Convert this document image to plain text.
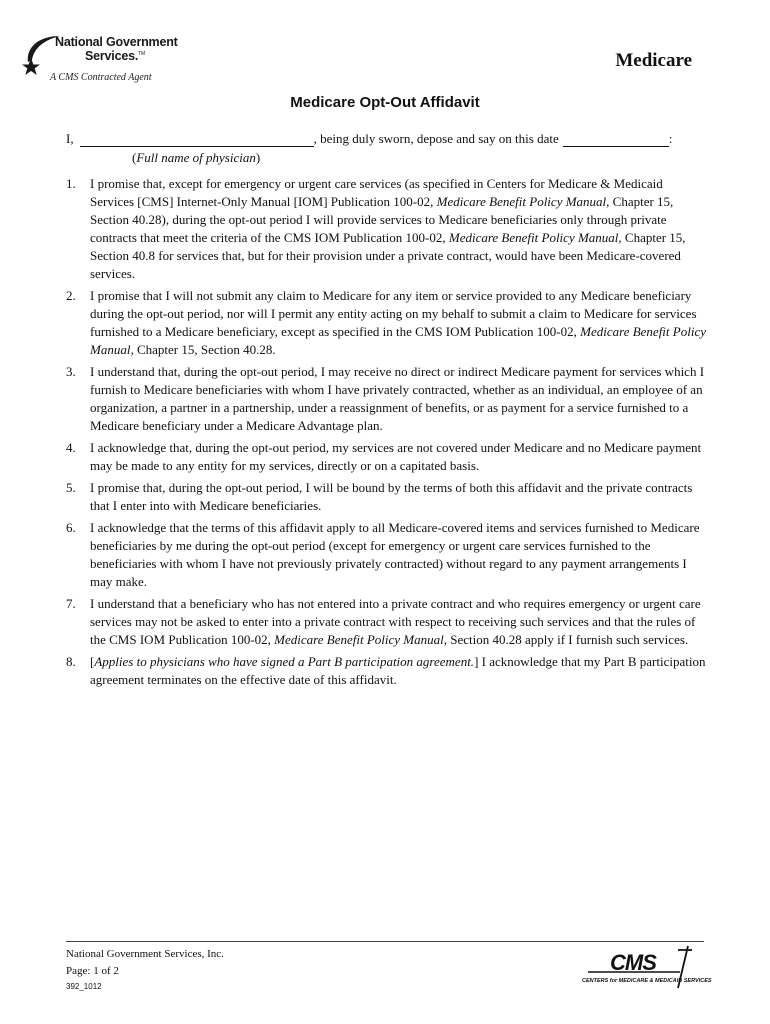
National Government
Services.™
A CMS Contracted Agent
Medicare
Medicare Opt-Out Affidavit
I,	, being duly sworn, depose and say on this date	:
(Full name of physician)
1.	I promise that, except for emergency or urgent care services (as specified in Centers for Medicare & Medicaid Services [CMS] Internet-Only Manual [IOM] Publication 100-02, Medicare Benefit Policy Manual, Chapter 15, Section 40.28), during the opt-out period I will provide services to Medicare beneficiaries only through private contracts that meet the criteria of the CMS IOM Publication 100-02, Medicare Benefit Policy Manual, Chapter 15, Section 40.8 for services that, but for their provision under a private contract, would have been Medicare-covered services.
2.	I promise that I will not submit any claim to Medicare for any item or service provided to any Medicare beneficiary during the opt-out period, nor will I permit any entity acting on my behalf to submit a claim to Medicare for services furnished to a Medicare beneficiary, except as specified in the CMS IOM Publication 100-02, Medicare Benefit Policy Manual, Chapter 15, Section 40.28.
3.	I understand that, during the opt-out period, I may receive no direct or indirect Medicare payment for services which I furnish to Medicare beneficiaries with whom I have privately contracted, whether as an individual, an employee of an organization, a partner in a partnership, under a reassignment of benefits, or as payment for a service furnished to a Medicare beneficiary under a Medicare Advantage plan.
4.	I acknowledge that, during the opt-out period, my services are not covered under Medicare and no Medicare payment may be made to any entity for my services, directly or on a capitated basis.
5.	I promise that, during the opt-out period, I will be bound by the terms of both this affidavit and the private contracts that I enter into with Medicare beneficiaries.
6.	I acknowledge that the terms of this affidavit apply to all Medicare-covered items and services furnished to Medicare beneficiaries by me during the opt-out period (except for emergency or urgent care services furnished to the beneficiaries with whom I have not previously privately contracted) without regard to any payment arrangements I may make.
7.	I understand that a beneficiary who has not entered into a private contract and who requires emergency or urgent care services may not be asked to enter into a private contract with respect to receiving such services and that the rules of the CMS IOM Publication 100-02, Medicare Benefit Policy Manual, Section 40.28 apply if I furnish such services.
8.	[Applies to physicians who have signed a Part B participation agreement.] I acknowledge that my Part B participation agreement terminates on the effective date of this affidavit.
National Government Services, Inc.
Page: 1 of 2
392_1012
CMS
CENTERS for MEDICARE & MEDICAID SERVICES
